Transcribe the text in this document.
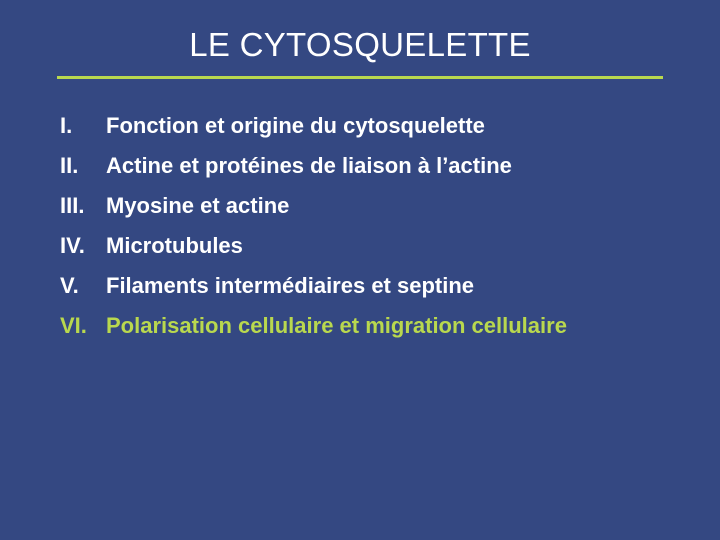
LE CYTOSQUELETTE
I.	Fonction et origine du cytosquelette
II.	Actine et protéines de liaison à l’actine
III. Myosine et actine
IV. Microtubules
V.	Filaments intermédiaires et septine
VI. Polarisation cellulaire et migration cellulaire
